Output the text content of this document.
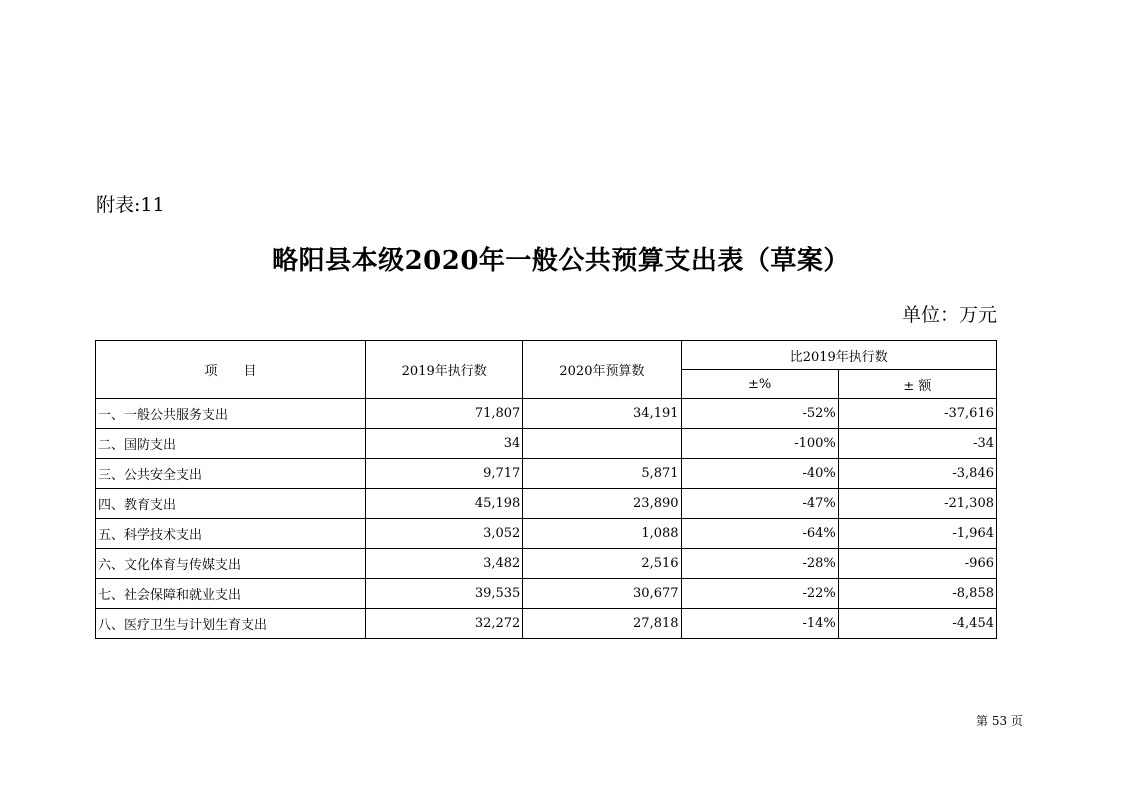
附表:11
略阳县本级2020年一般公共预算支出表（草案）
单位：万元
项　　目	2019年执行数	2020年预算数	比2019年执行数	
			±%	± 额
一、一般公共服务支出	71,807	34,191	-52%	-37,616
二、国防支出	34		-100%	-34
三、公共安全支出	9,717	5,871	-40%	-3,846
四、教育支出	45,198	23,890	-47%	-21,308
五、科学技术支出	3,052	1,088	-64%	-1,964
六、文化体育与传媒支出	3,482	2,516	-28%	-966
七、社会保障和就业支出	39,535	30,677	-22%	-8,858
八、医疗卫生与计划生育支出	32,272	27,818	-14%	-4,454
第 53 页
